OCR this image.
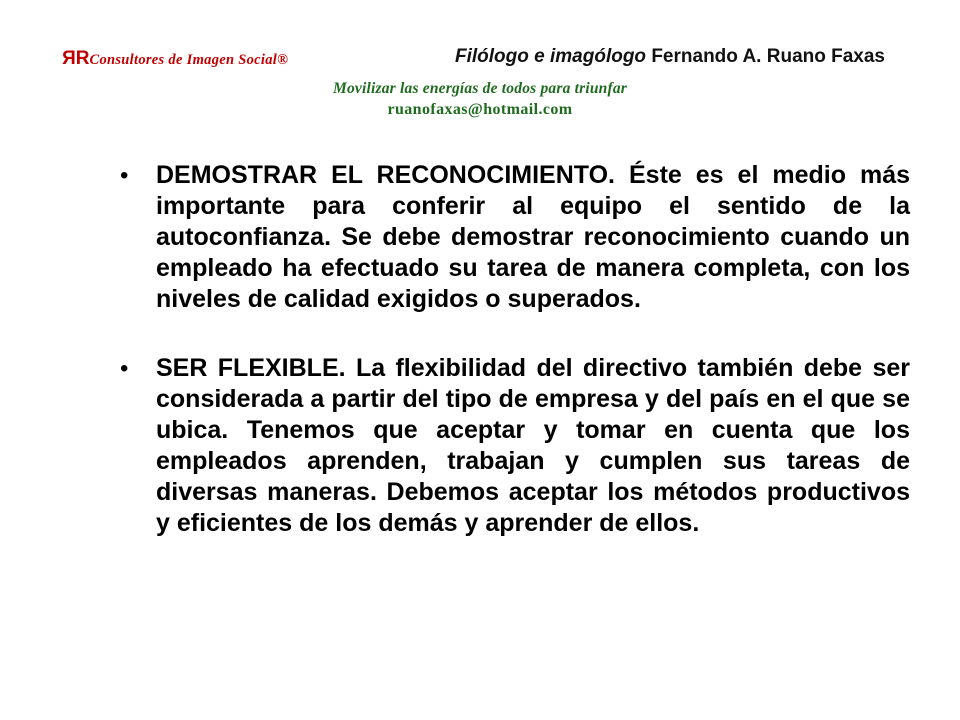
RRConsultores de Imagen Social®	Filólogo e imagólogo Fernando A. Ruano Faxas
Movilizar las energías de todos para triunfar
ruanofaxas@hotmail.com
•	DEMOSTRAR EL RECONOCIMIENTO. Éste es el medio más importante para conferir al equipo el sentido de la autoconfianza. Se debe demostrar reconocimiento cuando un empleado ha efectuado su tarea de manera completa, con los niveles de calidad exigidos o superados.
•	SER FLEXIBLE. La flexibilidad del directivo también debe ser considerada a partir del tipo de empresa y del país en el que se ubica. Tenemos que aceptar y tomar en cuenta que los empleados aprenden, trabajan y cumplen sus tareas de diversas maneras. Debemos aceptar los métodos productivos y eficientes de los demás y aprender de ellos.
